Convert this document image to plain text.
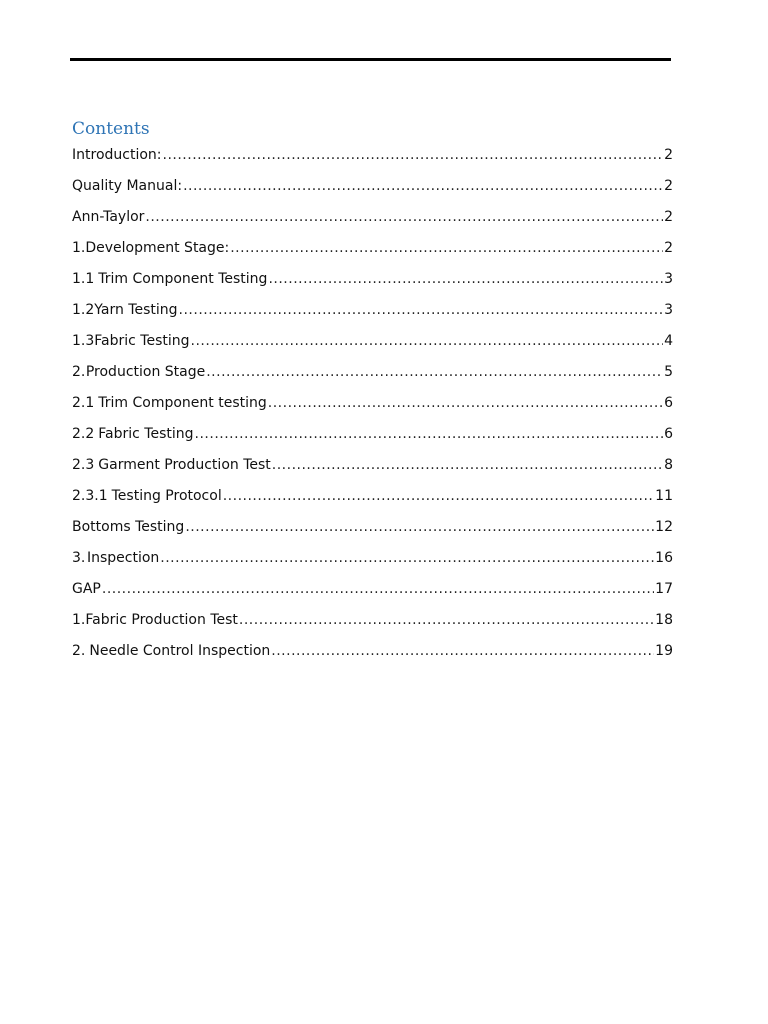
Contents
Introduction: .....	2
Quality Manual: .....	2
Ann-Taylor .....	2
1. Development Stage: .....	2
1.1 Trim Component Testing .....	3
1.2 Yarn Testing .....	3
1.3 Fabric Testing .....	4
2. Production Stage .....	5
2.1 Trim Component testing .....	6
2.2 Fabric Testing .....	6
2.3 Garment Production Test .....	8
2.3.1 Testing Protocol .....	11
Bottoms Testing .....	12
3. Inspection .....	16
GAP .....	17
1. Fabric Production Test .....	18
2. Needle Control Inspection .....	19
